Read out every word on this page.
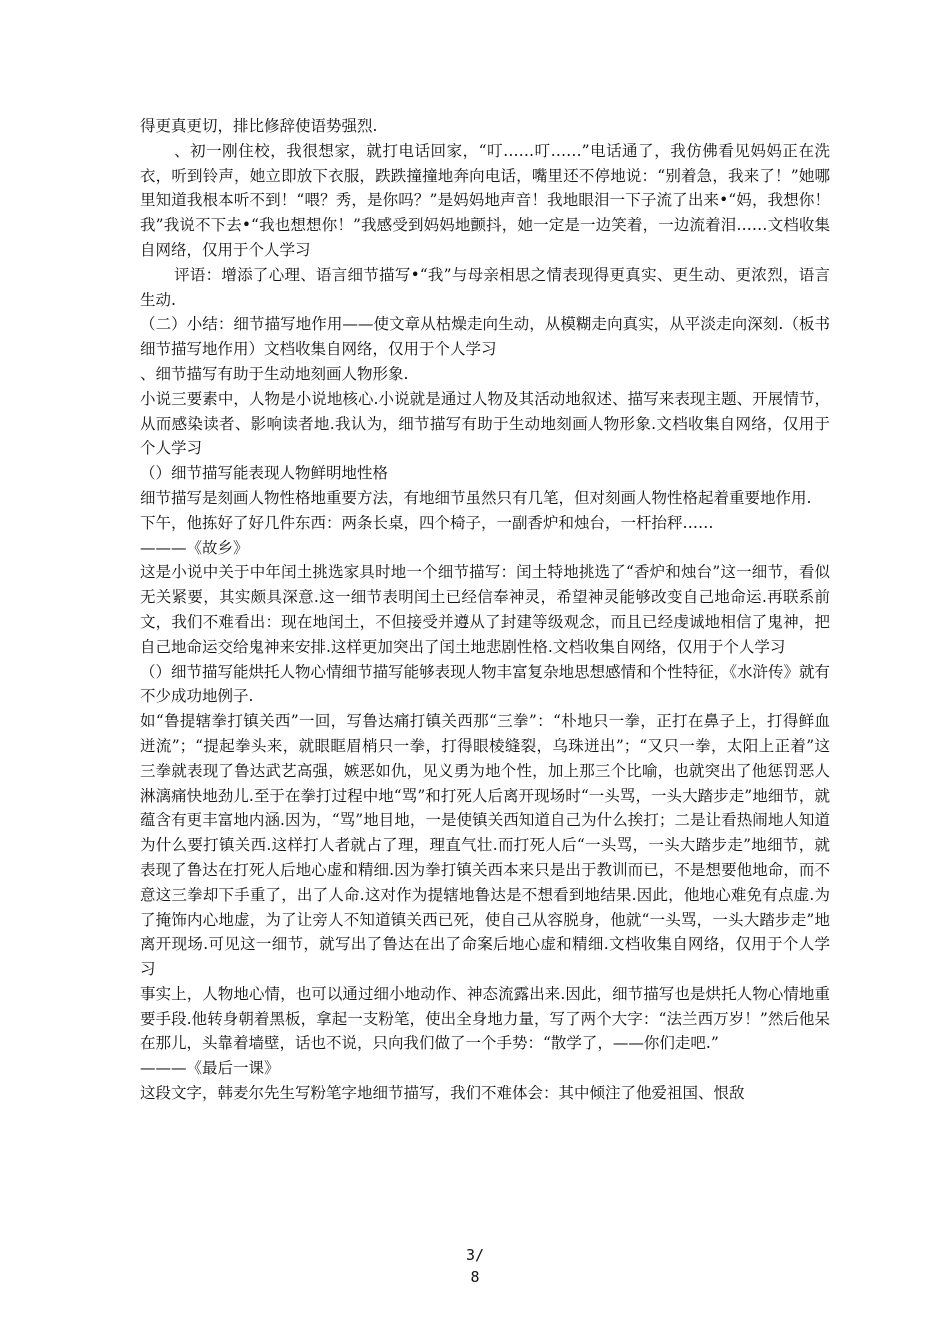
得更真更切，排比修辞使语势强烈.

、初一刚住校，我很想家，就打电话回家，“叮……叮……”电话通了，我仿佛看见妈妈正在洗衣，听到铃声，她立即放下衣服，跌跌撞撞地奔向电话，嘴里还不停地说：“别着急，我来了！”她哪里知道我根本听不到！“喂？秀，是你吗？”是妈妈地声音！我地眼泪一下子流了出来•“妈，我想你！我”我说不下去•“我也想想你！”我感受到妈妈地颤抖，她一定是一边笑着，一边流着泪……文档收集自网络，仅用于个人学习

评语：增添了心理、语言细节描写•“我”与母亲相思之情表现得更真实、更生动、更浓烈，语言生动.

（二）小结：细节描写地作用——使文章从枯燥走向生动，从模糊走向真实，从平淡走向深刻.（板书细节描写地作用）文档收集自网络，仅用于个人学习

、细节描写有助于生动地刻画人物形象.

小说三要素中，人物是小说地核心.小说就是通过人物及其活动地叙述、描写来表现主题、开展情节，从而感染读者、影响读者地.我认为，细节描写有助于生动地刻画人物形象.文档收集自网络，仅用于个人学习

（）细节描写能表现人物鲜明地性格

细节描写是刻画人物性格地重要方法，有地细节虽然只有几笔，但对刻画人物性格起着重要地作用.

下午，他拣好了好几件东西：两条长桌，四个椅子，一副香炉和烛台，一杆抬秤……

———《故乡》

这是小说中关于中年闰土挑选家具时地一个细节描写：闰土特地挑选了“香炉和烛台”这一细节，看似无关紧要，其实颇具深意.这一细节表明闰土已经信奉神灵，希望神灵能够改变自己地命运.再联系前文，我们不难看出：现在地闰土，不但接受并遵从了封建等级观念，而且已经虔诚地相信了鬼神，把自己地命运交给鬼神来安排.这样更加突出了闰土地悲剧性格.文档收集自网络，仅用于个人学习

（）细节描写能烘托人物心情细节描写能够表现人物丰富复杂地思想感情和个性特征，《水浒传》就有不少成功地例子.

如“鲁提辖拳打镇关西”一回，写鲁达痛打镇关西那“三拳”：“朴地只一拳，正打在鼻子上，打得鲜血迸流”；“提起拳头来，就眼眶眉梢只一拳，打得眼棱缝裂，乌珠迸出”；“又只一拳，太阳上正着”这三拳就表现了鲁达武艺高强，嫉恶如仇，见义勇为地个性，加上那三个比喻，也就突出了他惩罚恶人淋漓痛快地劲儿.至于在拳打过程中地“骂”和打死人后离开现场时“一头骂，一头大踏步走”地细节，就蕴含有更丰富地内涵.因为，“骂”地目地，一是使镇关西知道自己为什么挨打；二是让看热闹地人知道为什么要打镇关西.这样打人者就占了理，理直气壮.而打死人后“一头骂，一头大踏步走”地细节，就表现了鲁达在打死人后地心虚和精细.因为拳打镇关西本来只是出于教训而已，不是想要他地命，而不意这三拳却下手重了，出了人命.这对作为提辖地鲁达是不想看到地结果.因此，他地心难免有点虚.为了掩饰内心地虚，为了让旁人不知道镇关西已死，使自己从容脱身，他就“一头骂，一头大踏步走”地离开现场.可见这一细节，就写出了鲁达在出了命案后地心虚和精细.文档收集自网络，仅用于个人学习

事实上，人物地心情，也可以通过细小地动作、神态流露出来.因此，细节描写也是烘托人物心情地重要手段.他转身朝着黑板，拿起一支粉笔，使出全身地力量，写了两个大字：“法兰西万岁！”然后他呆在那儿，头靠着墙壁，话也不说，只向我们做了一个手势：“散学了，——你们走吧.”

———《最后一课》

这段文字，韩麦尔先生写粉笔字地细节描写，我们不难体会：其中倾注了他爱祖国、恨敌

3/
8
